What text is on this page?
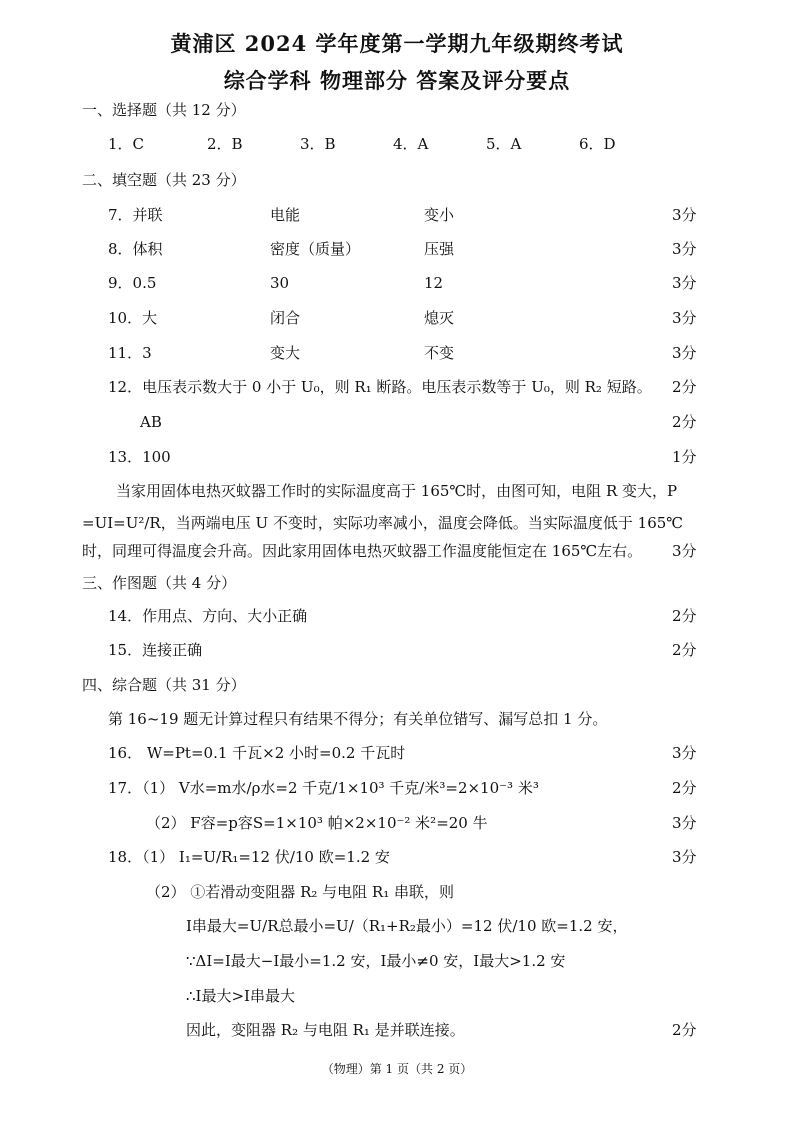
黄浦区 2024 学年度第一学期九年级期终考试
综合学科 物理部分 答案及评分要点
一、选择题（共 12 分）
1．C	2．B	3．B	4．A	5．A	6．D
二、填空题（共 23 分）
7．并联	电能	变小	3分
8．体积	密度（质量）	压强	3分
9．0.5	30	12	3分
10．大	闭合	熄灭	3分
11．3	变大	不变	3分
12．电压表示数大于 0 小于 U₀，则 R₁ 断路。电压表示数等于 U₀，则 R₂ 短路。 2分
AB	2分
13．100	1分
当家用固体电热灭蚊器工作时的实际温度高于 165℃时，由图可知，电阻 R 变大，P
=UI=U²/R，当两端电压 U 不变时，实际功率减小，温度会降低。当实际温度低于 165℃
时，同理可得温度会升高。因此家用固体电热灭蚊器工作温度能恒定在 165℃左右。 3分
三、作图题（共 4 分）
14．作用点、方向、大小正确	2分
15．连接正确	2分
四、综合题（共 31 分）
第 16~19 题无计算过程只有结果不得分；有关单位错写、漏写总扣 1 分。
16． W=Pt=0.1 千瓦×2 小时=0.2 千瓦时	3分
17．（1） V水=m水/ρ水=2 千克/1×10³ 千克/米³=2×10⁻³ 米³	2分
（2） F容=p容S=1×10³ 帕×2×10⁻² 米²=20 牛	3分
18．（1） I₁=U/R₁=12 伏/10 欧=1.2 安	3分
（2） ①若滑动变阻器 R₂ 与电阻 R₁ 串联，则
I串最大=U/R总最小=U/（R₁+R₂最小）=12 伏/10 欧=1.2 安，
∵ΔI=I最大−I最小=1.2 安，I最小≠0 安，I最大>1.2 安
∴I最大>I串最大
因此，变阻器 R₂ 与电阻 R₁ 是并联连接。	2分
（物理）第 1 页（共 2 页）
